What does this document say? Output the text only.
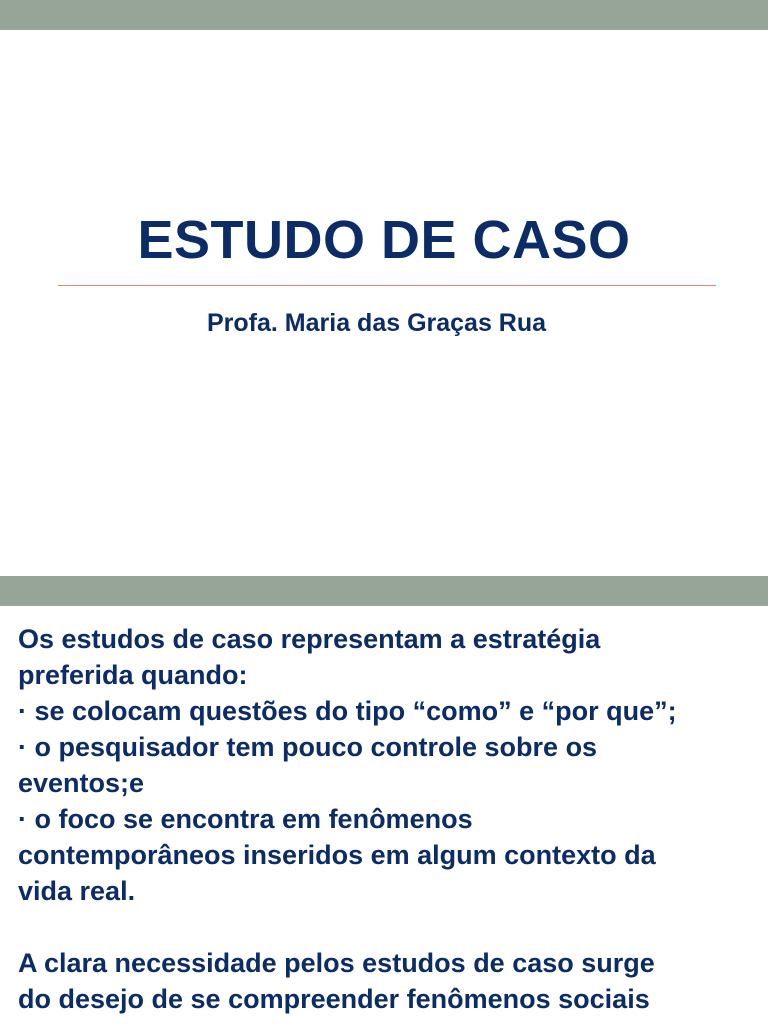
ESTUDO DE CASO
Profa. Maria das Graças Rua
Os estudos de caso representam a estratégia
preferida quando:
· se colocam questões do tipo “como” e “por que”;
· o pesquisador tem pouco controle sobre os
eventos;e
· o foco se encontra em fenômenos
contemporâneos inseridos em algum contexto da
vida real.
A clara necessidade pelos estudos de caso surge
do desejo de se compreender fenômenos sociais
